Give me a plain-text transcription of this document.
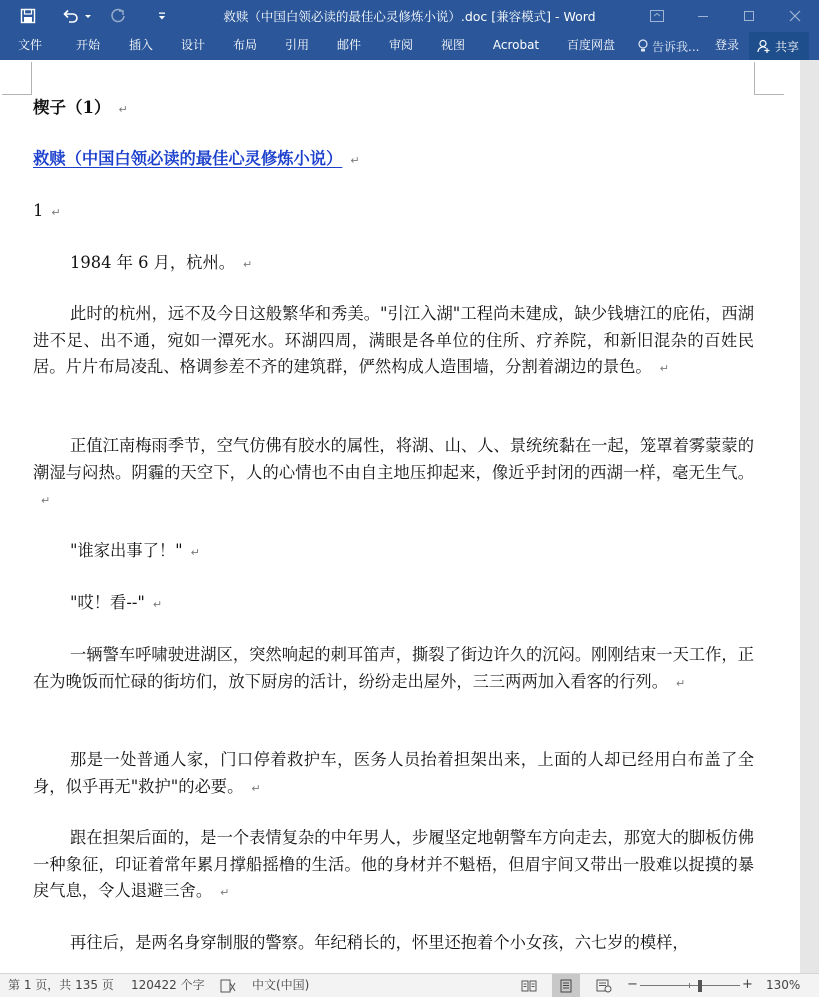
救赎（中国白领必读的最佳心灵修炼小说）.doc [兼容模式] - Word
文件	开始	插入	设计	布局	引用	邮件	审阅	视图	Acrobat	百度网盘	告诉我...	登录	共享
楔子（1） ↵
救赎（中国白领必读的最佳心灵修炼小说） ↵
1 ↵
1984 年 6 月，杭州。 ↵
此时的杭州，远不及今日这般繁华和秀美。"引江入湖"工程尚未建成，缺少钱塘江的庇佑，西湖进不足、出不通，宛如一潭死水。环湖四周，满眼是各单位的住所、疗养院，和新旧混杂的百姓民居。片片布局凌乱、格调参差不齐的建筑群，俨然构成人造围墙，分割着湖边的景色。 ↵
正值江南梅雨季节，空气仿佛有胶水的属性，将湖、山、人、景统统黏在一起，笼罩着雾蒙蒙的潮湿与闷热。阴霾的天空下，人的心情也不由自主地压抑起来，像近乎封闭的西湖一样，毫无生气。↵
"谁家出事了！" ↵
"哎！看--" ↵
一辆警车呼啸驶进湖区，突然响起的刺耳笛声，撕裂了街边许久的沉闷。刚刚结束一天工作，正在为晚饭而忙碌的街坊们，放下厨房的活计，纷纷走出屋外，三三两两加入看客的行列。 ↵
那是一处普通人家，门口停着救护车，医务人员抬着担架出来，上面的人却已经用白布盖了全身，似乎再无"救护"的必要。 ↵
跟在担架后面的，是一个表情复杂的中年男人，步履坚定地朝警车方向走去，那宽大的脚板仿佛一种象征，印证着常年累月撑船摇橹的生活。他的身材并不魁梧，但眉宇间又带出一股难以捉摸的暴戾气息，令人退避三舍。 ↵
再往后，是两名身穿制服的警察。年纪稍长的，怀里还抱着个小女孩，六七岁的模样，
第 1 页，共 135 页 120422 个字	中文(中国)	−	+ 130%
